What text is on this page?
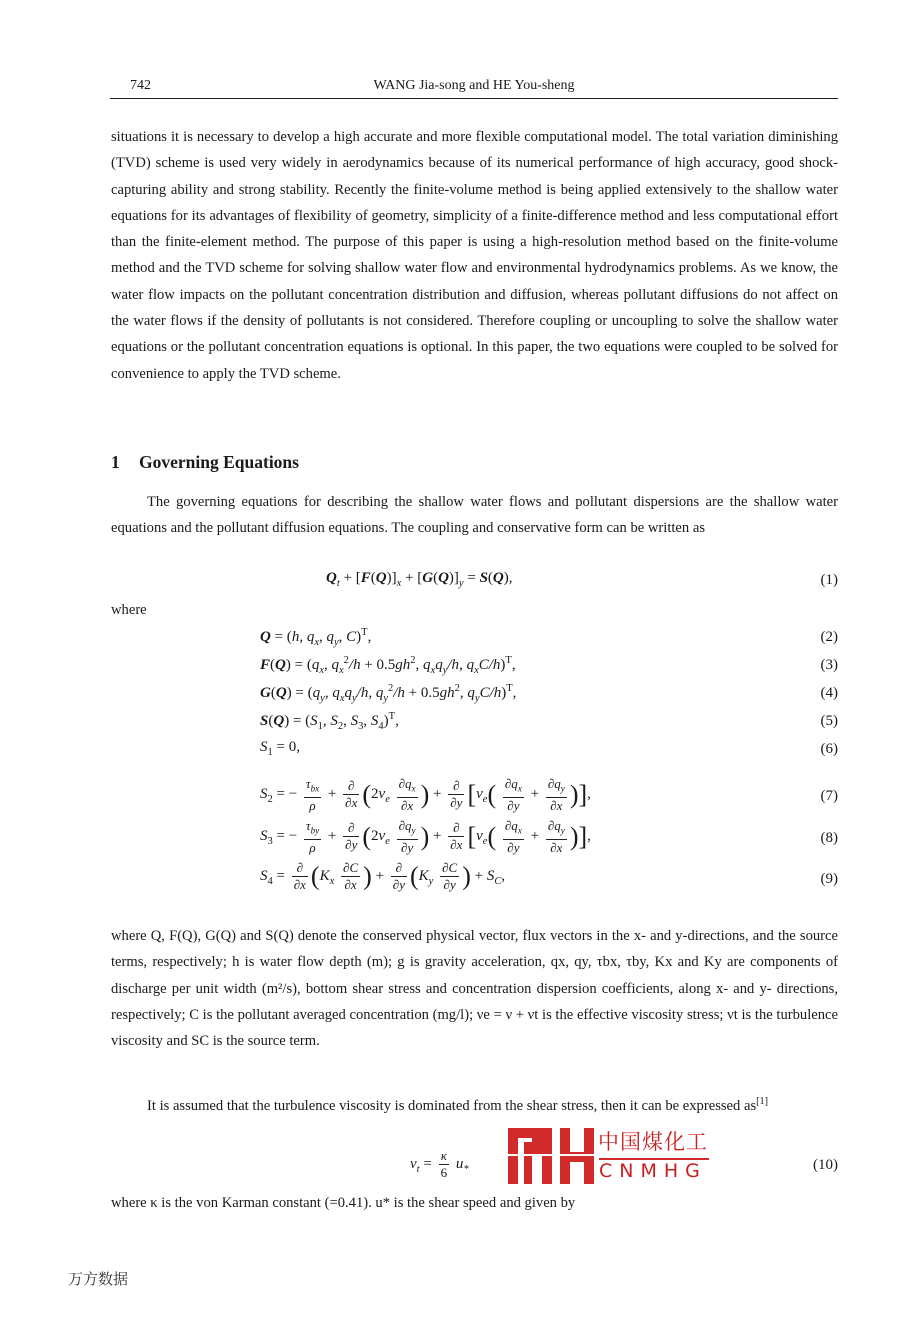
742	WANG Jia-song and HE You-sheng

situations it is necessary to develop a high accurate and more flexible computational model. The total variation diminishing (TVD) scheme is used very widely in aerodynamics because of its numerical performance of high accuracy, good shock-capturing ability and strong stability. Recently the finite-volume method is being applied extensively to the shallow water equations for its advantages of flexibility of geometry, simplicity of a finite-difference method and less computational effort than the finite-element method. The purpose of this paper is using a high-resolution method based on the finite-volume method and the TVD scheme for solving shallow water flow and environmental hydrodynamics problems. As we know, the water flow impacts on the pollutant concentration distribution and diffusion, whereas pollutant diffusions do not affect on the water flows if the density of pollutants is not considered. Therefore coupling or uncoupling to solve the shallow water equations or the pollutant concentration equations is optional. In this paper, the two equations were coupled to be solved for convenience to apply the TVD scheme.

1 Governing Equations

The governing equations for describing the shallow water flows and pollutant dispersions are the shallow water equations and the pollutant diffusion equations. The coupling and conservative form can be written as

$Q_t + [F(Q)]_x + [G(Q)]_y = S(Q)$,	(1)
where
Q = (h, $q_x$, $q_y$, C)$^T$,	(2)
$F(Q) = (q_x$, $q_x^2/h + 0.5gh^2$, $q_xq_y/h$, $q_xC/h)^T$,	(3)
$G(Q) = (q_y$, $q_xq_y/h$, $q_y^2/h + 0.5gh^2$, $q_yC/h)^T$,	(4)
$S(Q) = (S_1$, $S_2$, $S_3$, $S_4)^T$,	(5)
$S_1 = 0$,	(6)
$S_2$ = − $\frac{\tau_{bx}}{\rho} + \frac{\partial}{\partial x} (2\nu_e \frac{\partial q_x}{\partial x}$ ) + $\frac{\partial}{\partial y} [\nu_e( \frac{\partial q_x}{\partial y} + \frac{\partial q_y}{\partial x}$ )],	(7)
$S_3$ = − $\frac{\tau_{by}}{\rho} + \frac{\partial}{\partial y} (2\nu_e \frac{\partial q_y}{\partial y}$ ) + $\frac{\partial}{\partial x} [\nu_e( \frac{\partial q_x}{\partial y} + \frac{\partial q_y}{\partial x}$ )],	(8)
$S_4 = \frac{\partial}{\partial x} (K_x \frac{\partial C}{\partial x}$ ) + $\frac{\partial}{\partial y} (K_y \frac{\partial C}{\partial y}$ ) + $S_C$,	(9)

where Q, F(Q), G(Q) and S(Q) denote the conserved physical vector, flux vectors in the x- and y-directions, and the source terms, respectively; h is water flow depth (m); g is gravity acceleration, qx, qy, τbx, τby, Kx and Ky are components of discharge per unit width (m²/s), bottom shear stress and concentration dispersion coefficients, along x- and y- directions, respectively; C is the pollutant averaged concentration (mg/l); νe = ν + νt is the effective viscosity stress; νt is the turbulence viscosity and SC is the source term.

It is assumed that the turbulence viscosity is dominated from the shear stress, then it can be expressed as[1]

$\nu_t = \frac{\kappa}{6} u_*$	(10)
中国煤化工
CNMHG

where κ is the von Karman constant (=0.41). u* is the shear speed and given by

万方数据
